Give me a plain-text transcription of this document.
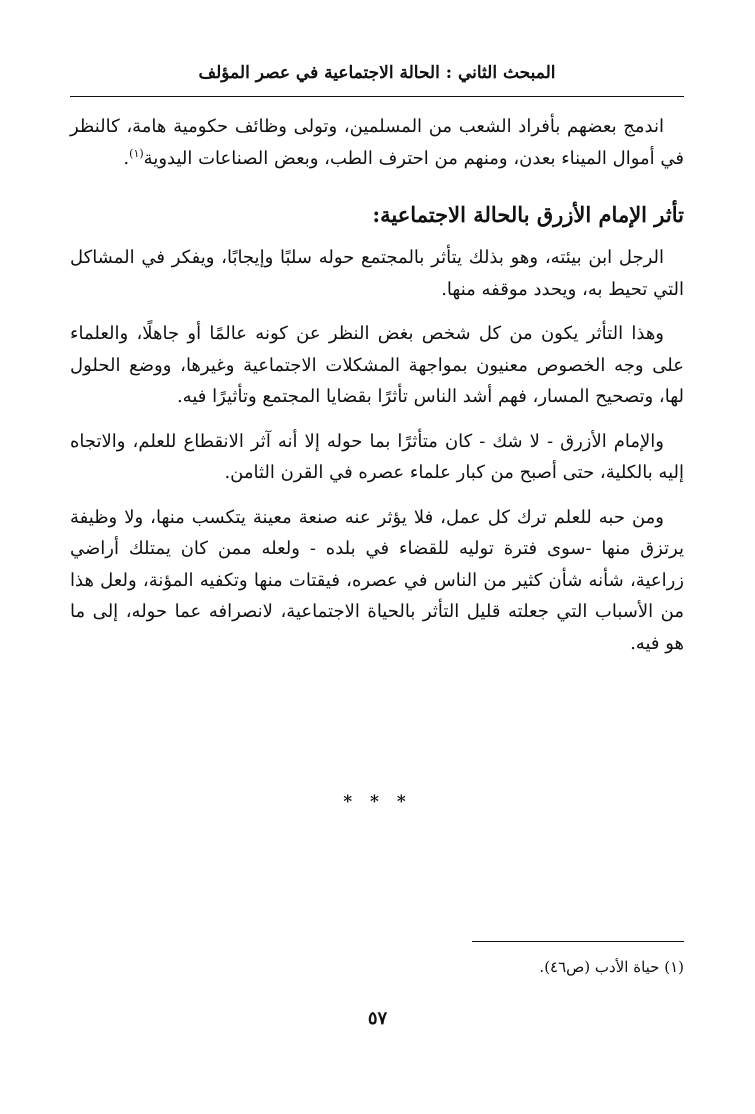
المبحث الثاني : الحالة الاجتماعية في عصر المؤلف

اندمج بعضهم بأفراد الشعب من المسلمين، وتولى وظائف حكومية هامة، كالنظر في أموال الميناء بعدن، ومنهم من احترف الطب، وبعض الصناعات اليدوية$^{(١)}$.

تأثر الإمام الأزرق بالحالة الاجتماعية:

الرجل ابن بيئته، وهو بذلك يتأثر بالمجتمع حوله سلبًا وإيجابًا، ويفكر في المشاكل التي تحيط به، ويحدد موقفه منها.

وهذا التأثر يكون من كل شخص بغض النظر عن كونه عالمًا أو جاهلًا، والعلماء على وجه الخصوص معنيون بمواجهة المشكلات الاجتماعية وغيرها، ووضع الحلول لها، وتصحيح المسار، فهم أشد الناس تأثرًا بقضايا المجتمع وتأثيرًا فيه.

والإمام الأزرق - لا شك - كان متأثرًا بما حوله إلا أنه آثر الانقطاع للعلم، والاتجاه إليه بالكلية، حتى أصبح من كبار علماء عصره في القرن الثامن.

ومن حبه للعلم ترك كل عمل، فلا يؤثر عنه صنعة معينة يتكسب منها، ولا وظيفة يرتزق منها -سوى فترة توليه للقضاء في بلده - ولعله ممن كان يمتلك أراضي زراعية، شأنه شأن كثير من الناس في عصره، فيقتات منها وتكفيه المؤنة، ولعل هذا من الأسباب التي جعلته قليل التأثر بالحياة الاجتماعية، لانصرافه عما حوله، إلى ما هو فيه.

* * *
(١) حياة الأدب (ص٤٦).
٥٧
